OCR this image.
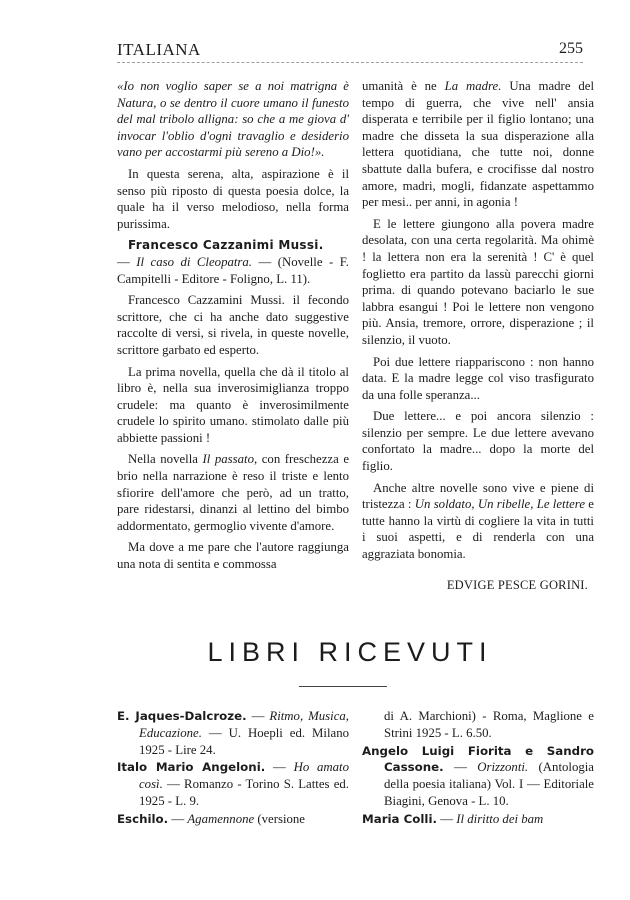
ITALIANA	255

«Io non voglio saper se a noi matrigna è Natura, o se dentro il cuore umano il funesto del mal tribolo alligna: so che a me giova d' invocar l'oblio d'ogni travaglio e desiderio vano per accostarmi più sereno a Dio!».

In questa serena, alta, aspirazione è il senso più riposto di questa poesia dolce, la quale ha il verso melodioso, nella forma purissima.

Francesco Cazzanimi Mussi.
— Il caso di Cleopatra. — (Novelle - F. Campitelli - Editore - Foligno, L. 11).

Francesco Cazzamini Mussi. il fecondo scrittore, che ci ha anche dato suggestive raccolte di versi, si rivela, in queste novelle, scrittore garbato ed esperto.

La prima novella, quella che dà il titolo al libro è, nella sua inverosimiglianza troppo crudele: ma quanto è inverosimilmente crudele lo spirito umano. stimolato dalle più abbiette passioni !

Nella novella Il passato, con freschezza e brio nella narrazione è reso il triste e lento sfiorire dell'amore che però, ad un tratto, pare ridestarsi, dinanzi al lettino del bimbo addormentato, germoglio vivente d'amore.

Ma dove a me pare che l'autore raggiunga una nota di sentita e commossa

umanità è ne La madre. Una madre del tempo di guerra, che vive nell' ansia disperata e terribile per il figlio lontano; una madre che disseta la sua disperazione alla lettera quotidiana, che tutte noi, donne sbattute dalla bufera, e crocifisse dal nostro amore, madri, mogli, fidanzate aspettammo per mesi.. per anni, in agonia !

E le lettere giungono alla povera madre desolata, con una certa regolarità. Ma ohimè ! la lettera non era la serenità ! C' è quel foglietto era partito da lassù parecchi giorni prima. di quando potevano baciarlo le sue labbra esangui ! Poi le lettere non vengono più. Ansia, tremore, orrore, disperazione ; il silenzio, il vuoto.

Poi due lettere riappariscono : non hanno data. E la madre legge col viso trasfigurato da una folle speranza...

Due lettere... e poi ancora silenzio : silenzio per sempre. Le due lettere avevano confortato la madre... dopo la morte del figlio.

Anche altre novelle sono vive e piene di tristezza : Un soldato, Un ribelle, Le lettere e tutte hanno la virtù di cogliere la vita in tutti i suoi aspetti, e di renderla con una aggraziata bonomia.

EDVIGE PESCE GORINI.

LIBRI RICEVUTI

E. Jaques-Dalcroze. — Ritmo, Musica, Educazione. — U. Hoepli ed. Milano 1925 - Lire 24.

Italo Mario Angeloni. — Ho amato così. — Romanzo - Torino S. Lattes ed. 1925 - L. 9.

Eschilo. — Agamennone (versione

di A. Marchioni) - Roma, Maglione e Strini 1925 - L. 6.50.

Angelo Luigi Fiorita e Sandro Cassone. — Orizzonti. (Antologia della poesia italiana) Vol. I — Editoriale Biagini, Genova - L. 10.

Maria Colli. — Il diritto dei bam
